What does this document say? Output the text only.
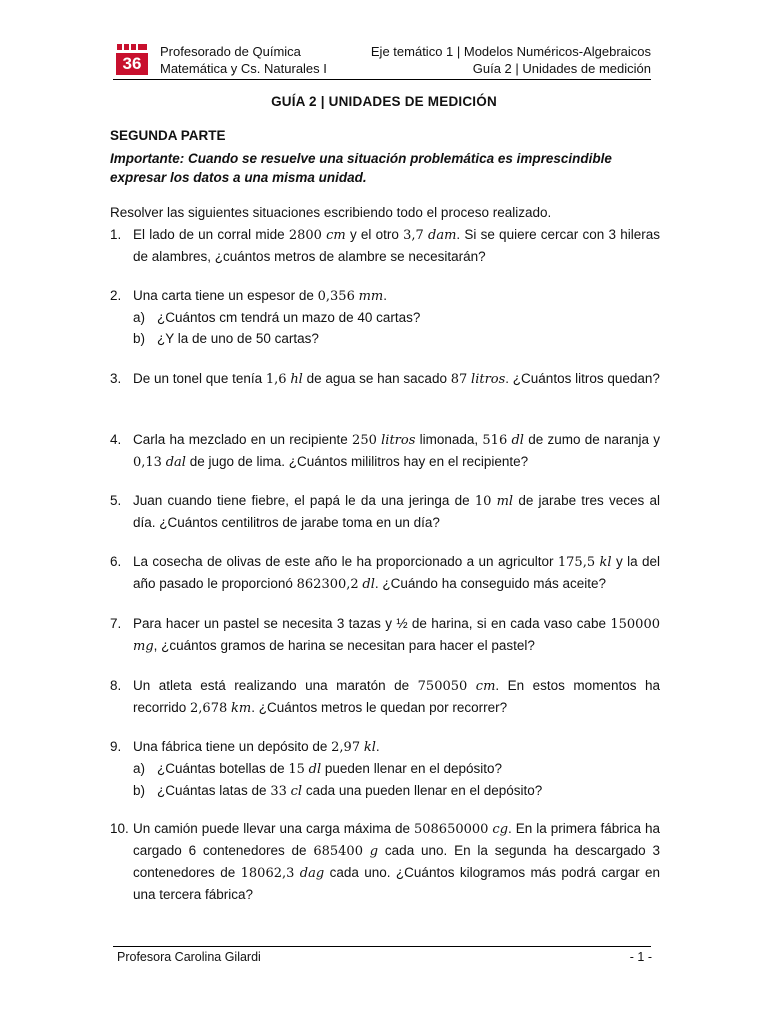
36
Profesorado de Química
Matemática y Cs. Naturales I
Eje temático 1 | Modelos Numéricos-Algebraicos
Guía 2 | Unidades de medición
GUÍA 2 | UNIDADES DE MEDICIÓN
SEGUNDA PARTE
Importante: Cuando se resuelve una situación problemática es imprescindible expresar los datos a una misma unidad.
Resolver las siguientes situaciones escribiendo todo el proceso realizado.
1. El lado de un corral mide 2800 cm y el otro 3,7 dam. Si se quiere cercar con 3 hileras de alambres, ¿cuántos metros de alambre se necesitarán?
2. Una carta tiene un espesor de 0,356 mm.
a) ¿Cuántos cm tendrá un mazo de 40 cartas?
b) ¿Y la de uno de 50 cartas?
3. De un tonel que tenía 1,6 hl de agua se han sacado 87 litros. ¿Cuántos litros quedan?
4. Carla ha mezclado en un recipiente 250 litros limonada, 516 dl de zumo de naranja y 0,13 dal de jugo de lima. ¿Cuántos mililitros hay en el recipiente?
5. Juan cuando tiene fiebre, el papá le da una jeringa de 10 ml de jarabe tres veces al día. ¿Cuántos centilitros de jarabe toma en un día?
6. La cosecha de olivas de este año le ha proporcionado a un agricultor 175,5 kl y la del año pasado le proporcionó 862300,2 dl. ¿Cuándo ha conseguido más aceite?
7. Para hacer un pastel se necesita 3 tazas y ½ de harina, si en cada vaso cabe 150000 mg, ¿cuántos gramos de harina se necesitan para hacer el pastel?
8. Un atleta está realizando una maratón de 750050 cm. En estos momentos ha recorrido 2,678 km. ¿Cuántos metros le quedan por recorrer?
9. Una fábrica tiene un depósito de 2,97 kl.
a) ¿Cuántas botellas de 15 dl pueden llenar en el depósito?
b) ¿Cuántas latas de 33 cl cada una pueden llenar en el depósito?
10. Un camión puede llevar una carga máxima de 508650000 cg. En la primera fábrica ha cargado 6 contenedores de 685400 g cada uno. En la segunda ha descargado 3 contenedores de 18062,3 dag cada uno. ¿Cuántos kilogramos más podrá cargar en una tercera fábrica?
Profesora Carolina Gilardi	- 1 -
